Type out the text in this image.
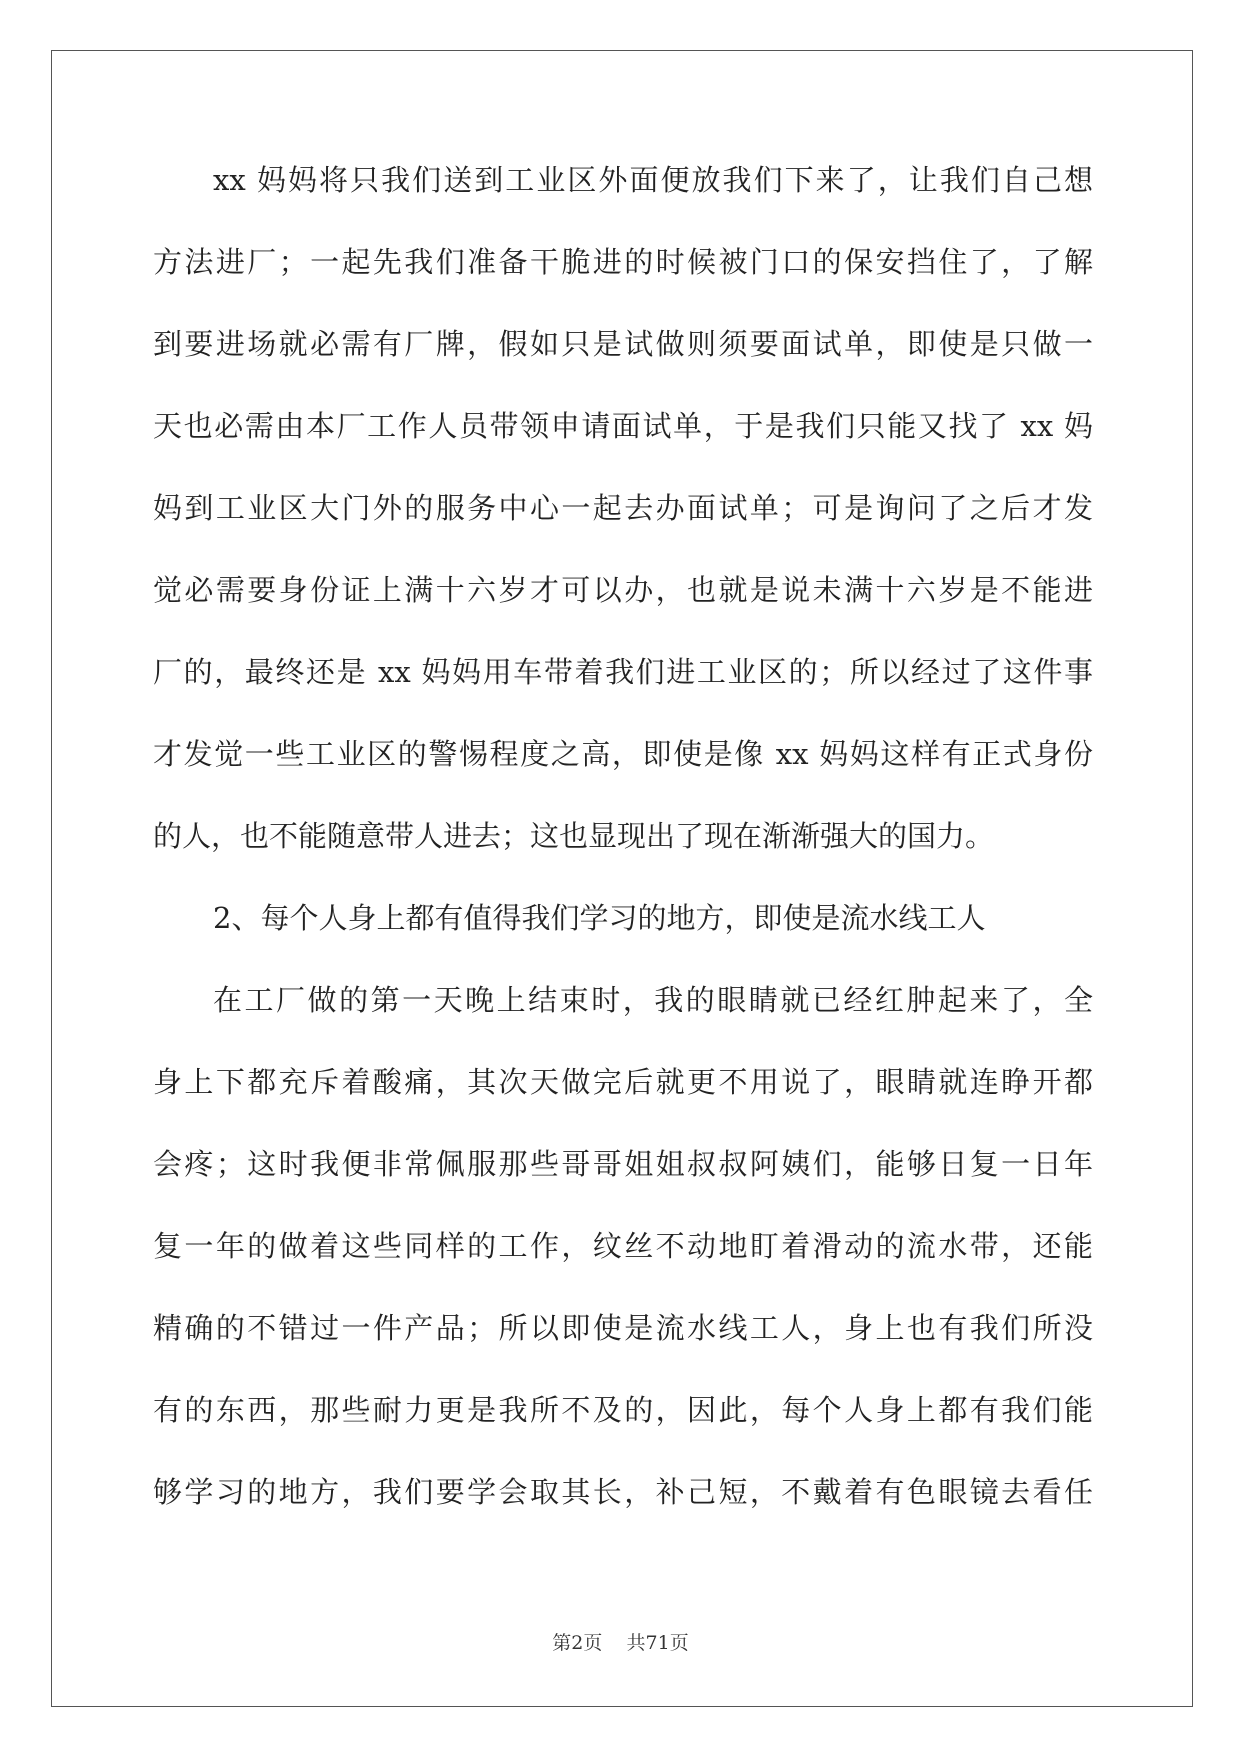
xx 妈妈将只我们送到工业区外面便放我们下来了，让我们自己想
方法进厂；一起先我们准备干脆进的时候被门口的保安挡住了，了解
到要进场就必需有厂牌，假如只是试做则须要面试单，即使是只做一
天也必需由本厂工作人员带领申请面试单，于是我们只能又找了 xx 妈
妈到工业区大门外的服务中心一起去办面试单；可是询问了之后才发
觉必需要身份证上满十六岁才可以办，也就是说未满十六岁是不能进
厂的，最终还是 xx 妈妈用车带着我们进工业区的；所以经过了这件事
才发觉一些工业区的警惕程度之高，即使是像 xx 妈妈这样有正式身份
的人，也不能随意带人进去；这也显现出了现在渐渐强大的国力。
2、每个人身上都有值得我们学习的地方，即使是流水线工人
在工厂做的第一天晚上结束时，我的眼睛就已经红肿起来了，全
身上下都充斥着酸痛，其次天做完后就更不用说了，眼睛就连睁开都
会疼；这时我便非常佩服那些哥哥姐姐叔叔阿姨们，能够日复一日年
复一年的做着这些同样的工作，纹丝不动地盯着滑动的流水带，还能
精确的不错过一件产品；所以即使是流水线工人，身上也有我们所没
有的东西，那些耐力更是我所不及的，因此，每个人身上都有我们能
够学习的地方，我们要学会取其长，补己短，不戴着有色眼镜去看任
第2页 共71页
